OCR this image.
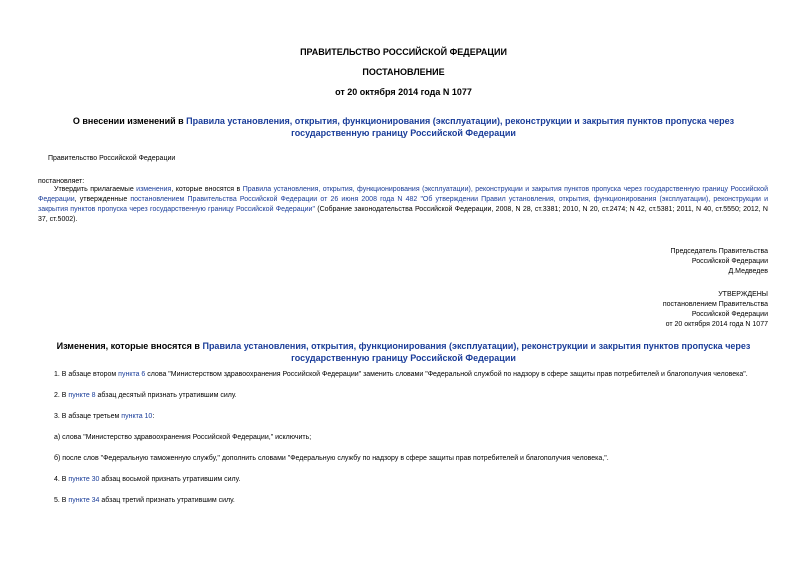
ПРАВИТЕЛЬСТВО РОССИЙСКОЙ ФЕДЕРАЦИИ
ПОСТАНОВЛЕНИЕ
от 20 октября 2014 года N 1077
О внесении изменений в Правила установления, открытия, функционирования (эксплуатации), реконструкции и закрытия пунктов пропуска через
государственную границу Российской Федерации
Правительство Российской Федерации
постановляет:
Утвердить прилагаемые изменения, которые вносятся в Правила установления, открытия, функционирования (эксплуатации), реконструкции и закрытия пунктов пропуска через государственную границу Российской Федерации, утвержденные постановлением Правительства Российской Федерации от 26 июня 2008 года N 482 "Об утверждении Правил установления, открытия, функционирования (эксплуатации), реконструкции и закрытия пунктов пропуска через государственную границу Российской Федерации" (Собрание законодательства Российской Федерации, 2008, N 28, ст.3381; 2010, N 20, ст.2474; N 42, ст.5381; 2011, N 40, ст.5550; 2012, N 37, ст.5002).
Председатель Правительства
Российской Федерации
Д.Медведев
УТВЕРЖДЕНЫ
постановлением Правительства
Российской Федерации
от 20 октября 2014 года N 1077
Изменения, которые вносятся в Правила установления, открытия, функционирования (эксплуатации), реконструкции и закрытия пунктов пропуска через
государственную границу Российской Федерации
1. В абзаце втором пункта 6 слова "Министерством здравоохранения Российской Федерации" заменить словами "Федеральной службой по надзору в сфере защиты прав потребителей и благополучия человека".
2. В пункте 8 абзац десятый признать утратившим силу.
3. В абзаце третьем пункта 10:
а) слова "Министерство здравоохранения Российской Федерации," исключить;
б) после слов "Федеральную таможенную службу," дополнить словами "Федеральную службу по надзору в сфере защиты прав потребителей и благополучия человека,".
4. В пункте 30 абзац восьмой признать утратившим силу.
5. В пункте 34 абзац третий признать утратившим силу.
